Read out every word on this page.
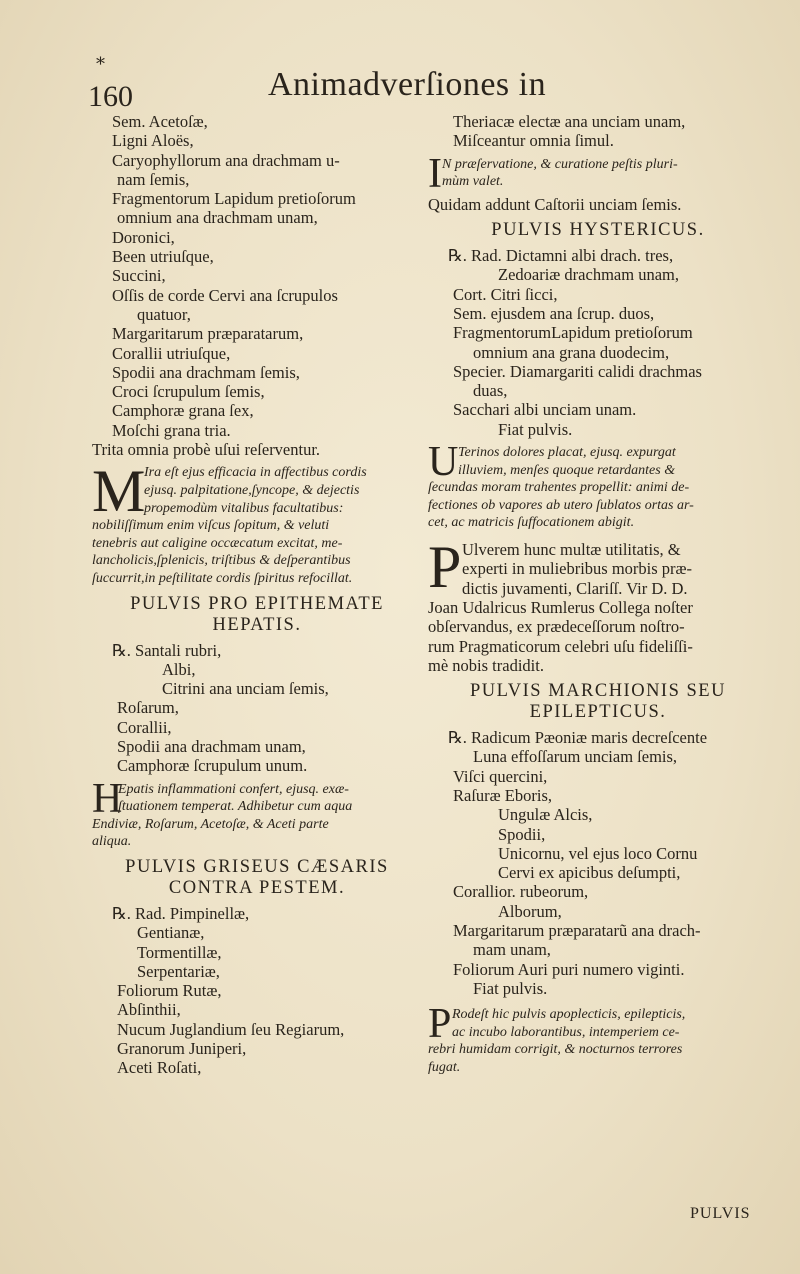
*
160	Animadverſiones in
Sem. Acetoſæ,
Ligni Aloës,
Caryophyllorum ana drachmam u-
nam ſemis,
Fragmentorum Lapidum pretioſorum
omnium ana drachmam unam,
Doronici,
Been utriuſque,
Succini,
Oſſis de corde Cervi ana ſcrupulos
quatuor,
Margaritarum præparatarum,
Corallii utriuſque,
Spodii ana drachmam ſemis,
Croci ſcrupulum ſemis,
Camphoræ grana ſex,
Moſchi grana tria.
Trita omnia probè uſui reſerventur.
M
Ira eſt ejus efficacia in affectibus cordis
ejusq. palpitatione,ſyncope, & dejectis
propemodùm vitalibus facultatibus:
nobiliſſimum enim viſcus ſopitum, & veluti
tenebris aut caligine occæcatum excitat, me-
lancholicis,ſplenicis, triſtibus & deſperantibus
ſuccurrit,in peſtilitate cordis ſpiritus refocillat.
PULVIS PRO EPITHEMATE
HEPATIS.
℞. Santali rubri,
Albi,
Citrini ana unciam ſemis,
Roſarum,
Corallii,
Spodii ana drachmam unam,
Camphoræ ſcrupulum unum.
H
Epatis inflammationi confert, ejusq. exæ-
ſtuationem temperat. Adhibetur cum aqua
Endiviæ, Roſarum, Acetoſæ, & Aceti parte
aliqua.
PULVIS GRISEUS CÆSARIS
CONTRA PESTEM.
℞. Rad. Pimpinellæ,
Gentianæ,
Tormentillæ,
Serpentariæ,
Foliorum Rutæ,
Abſinthii,
Nucum Juglandium ſeu Regiarum,
Granorum Juniperi,
Aceti Roſati,
Theriacæ electæ ana unciam unam,
Miſceantur omnia ſimul.
I N præſervatione, & curatione peſtis pluri-
mùm valet.
Quidam addunt Caſtorii unciam ſemis.
PULVIS HYSTERICUS.
℞. Rad. Dictamni albi drach. tres,
Zedoariæ drachmam unam,
Cort. Citri ſicci,
Sem. ejusdem ana ſcrup. duos,
FragmentorumLapidum pretioſorum
omnium ana grana duodecim,
Specier. Diamargariti calidi drachmas
duas,
Sacchari albi unciam unam.
Fiat pulvis.
U Terinos dolores placat, ejusq. expurgat
illuviem, menſes quoque retardantes &
ſecundas moram trahentes propellit: animi de-
fectiones ob vapores ab utero ſublatos ortas ar-
cet, ac matricis ſuffocationem abigit.
P Ulverem hunc multæ utilitatis, &
experti in muliebribus morbis præ-
dictis juvamenti, Clariſſ. Vir D. D.
Joan Udalricus Rumlerus Collega noſter
obſervandus, ex prædeceſſorum noſtro-
rum Pragmaticorum celebri uſu fideliſſi-
mè nobis tradidit.
PULVIS MARCHIONIS SEU
EPILEPTICUS.
℞. Radicum Pæoniæ maris decreſcente
Luna effoſſarum unciam ſemis,
Viſci quercini,
Raſuræ Eboris,
Ungulæ Alcis,
Spodii,
Unicornu, vel ejus loco Cornu
Cervi ex apicibus deſumpti,
Corallior. rubeorum,
Alborum,
Margaritarum præparatarũ ana drach-
mam unam,
Foliorum Auri puri numero viginti.
Fiat pulvis.
P Rodeſt hic pulvis apoplecticis, epilepticis,
ac incubo laborantibus, intemperiem ce-
rebri humidam corrigit, & nocturnos terrores
fugat.
PULVIS
